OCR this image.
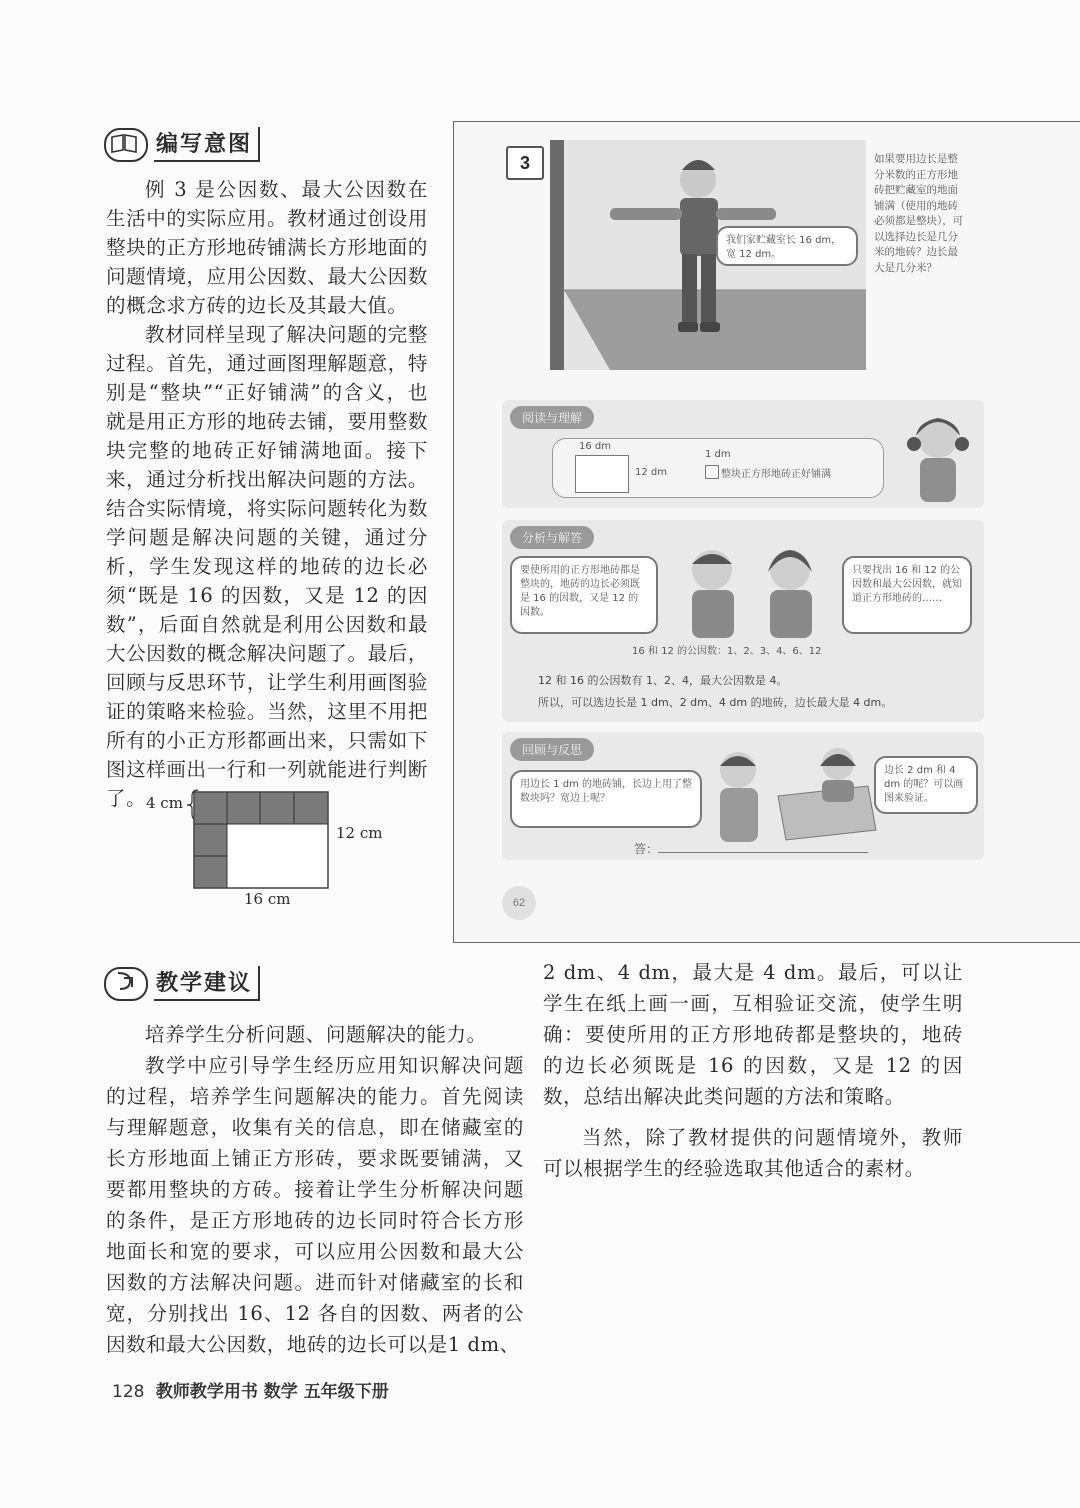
编写意图

例 3 是公因数、最大公因数在生活中的实际应用。教材通过创设用整块的正方形地砖铺满长方形地面的问题情境，应用公因数、最大公因数的概念求方砖的边长及其最大值。

教材同样呈现了解决问题的完整过程。首先，通过画图理解题意，特别是“整块”“正好铺满”的含义，也就是用正方形的地砖去铺，要用整数块完整的地砖正好铺满地面。接下来，通过分析找出解决问题的方法。结合实际情境，将实际问题转化为数学问题是解决问题的关键，通过分析，学生发现这样的地砖的边长必须“既是 16 的因数，又是 12 的因数”，后面自然就是利用公因数和最大公因数的概念解决问题了。最后，回顾与反思环节，让学生利用画图验证的策略来检验。当然，这里不用把所有的小正方形都画出来，只需如下图这样画出一行和一列就能进行判断了。 4 cm
12 cm
16 cm
3
我们家贮藏室长 16 dm，宽 12 dm。
如果要用边长是整分米数的正方形地砖把贮藏室的地面铺满（使用的地砖必须都是整块），可以选择边长是几分米的地砖？边长最大是几分米？
阅读与理解
16 dm
12 dm
1 dm
整块正方形地砖正好铺满
分析与解答
要使所用的正方形地砖都是整块的，地砖的边长必须既是 16 的因数，又是 12 的因数。
只要找出 16 和 12 的公因数和最大公因数，就知道正方形地砖的……
16 和 12 的公因数：1、2、3、4、6、12
12 和 16 的公因数有 1、2、4，最大公因数是 4。
所以，可以选边长是 1 dm、2 dm、4 dm 的地砖，边长最大是 4 dm。
回顾与反思
用边长 1 dm 的地砖铺，长边上用了整数块吗？宽边上呢？
边长 2 dm 和 4 dm 的呢？可以画图来验证。
答：
62
教学建议

培养学生分析问题、问题解决的能力。

教学中应引导学生经历应用知识解决问题的过程，培养学生问题解决的能力。首先阅读与理解题意，收集有关的信息，即在储藏室的长方形地面上铺正方形砖，要求既要铺满，又要都用整块的方砖。接着让学生分析解决问题的条件，是正方形地砖的边长同时符合长方形地面长和宽的要求，可以应用公因数和最大公因数的方法解决问题。进而针对储藏室的长和宽，分别找出 16、12 各自的因数、两者的公因数和最大公因数，地砖的边长可以是1 dm、

2 dm、4 dm，最大是 4 dm。最后，可以让学生在纸上画一画，互相验证交流，使学生明确：要使所用的正方形地砖都是整块的，地砖的边长必须既是 16 的因数，又是 12 的因数，总结出解决此类问题的方法和策略。

当然，除了教材提供的问题情境外，教师可以根据学生的经验选取其他适合的素材。

128 教师教学用书 数学 五年级下册
